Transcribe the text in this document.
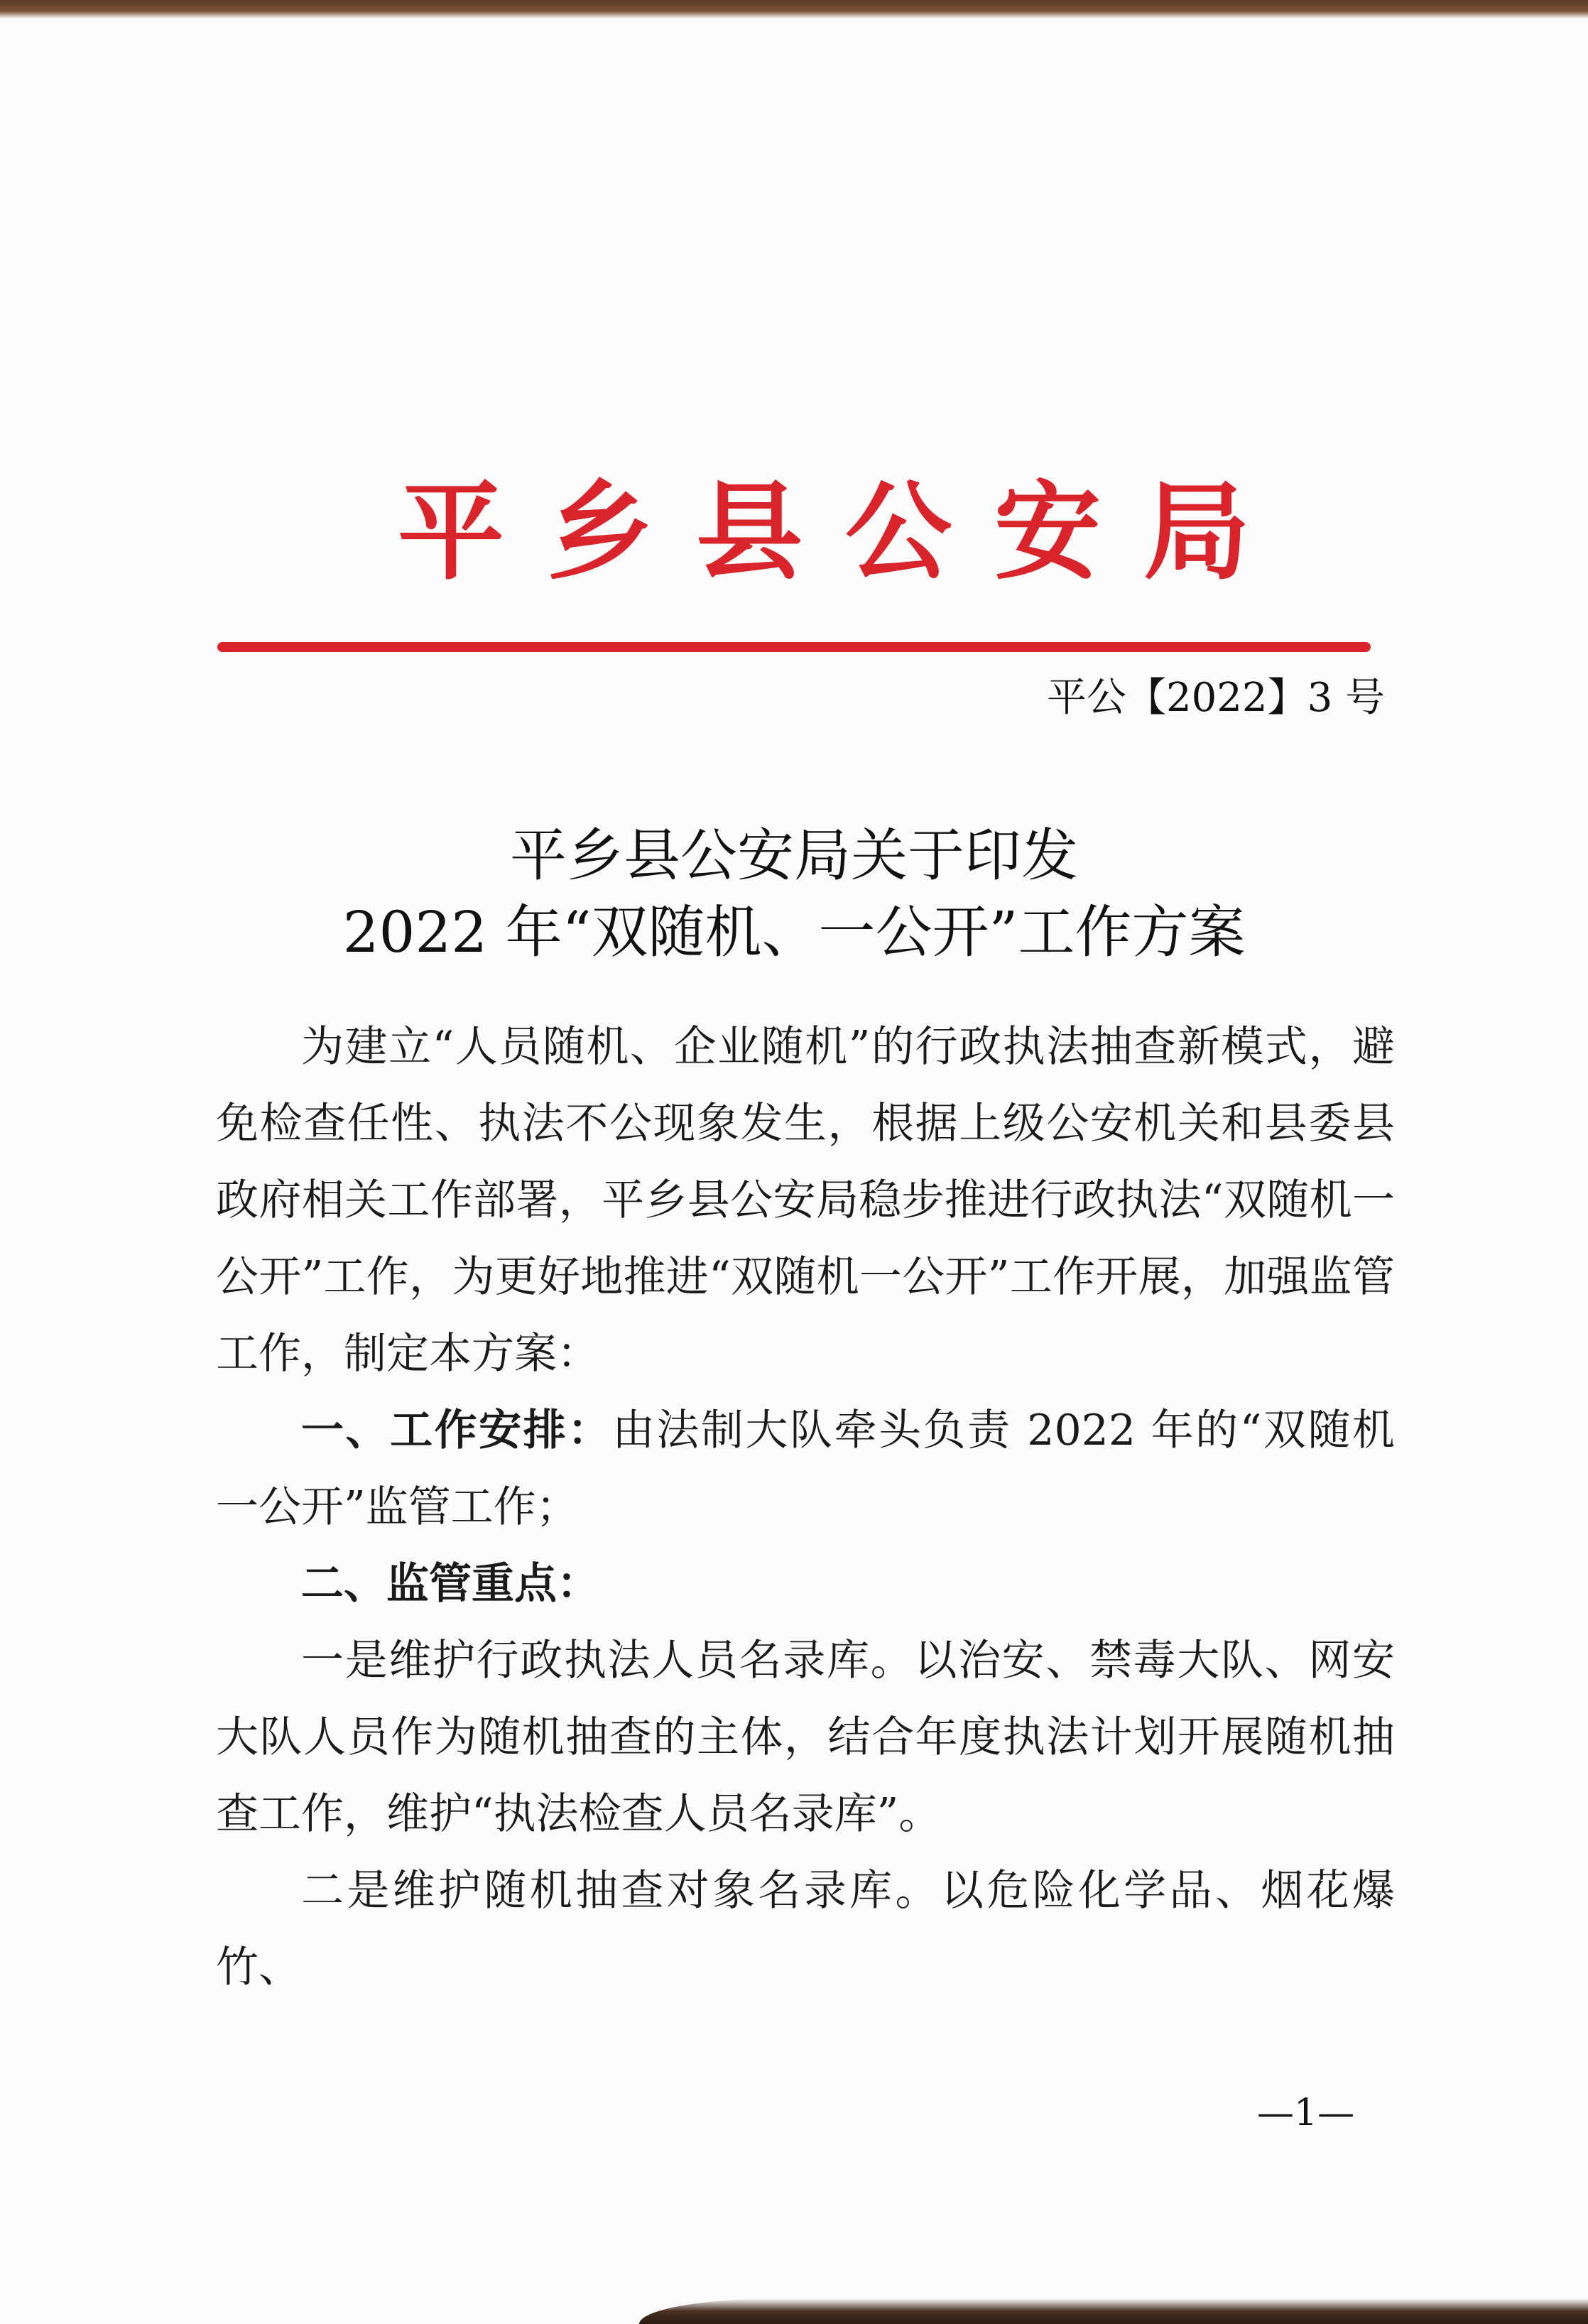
平乡县公安局
平公【2022】3 号
平乡县公安局关于印发
2022 年“双随机、一公开”工作方案

为建立“人员随机、企业随机”的行政执法抽查新模式，避免检查任性、执法不公现象发生，根据上级公安机关和县委县政府相关工作部署，平乡县公安局稳步推进行政执法“双随机一公开”工作，为更好地推进“双随机一公开”工作开展，加强监管工作，制定本方案：

一、工作安排：由法制大队牵头负责 2022 年的“双随机一公开”监管工作；

二、监管重点：

一是维护行政执法人员名录库。以治安、禁毒大队、网安大队人员作为随机抽查的主体，结合年度执法计划开展随机抽查工作，维护“执法检查人员名录库”。

二是维护随机抽查对象名录库。以危险化学品、烟花爆竹、

—1—
